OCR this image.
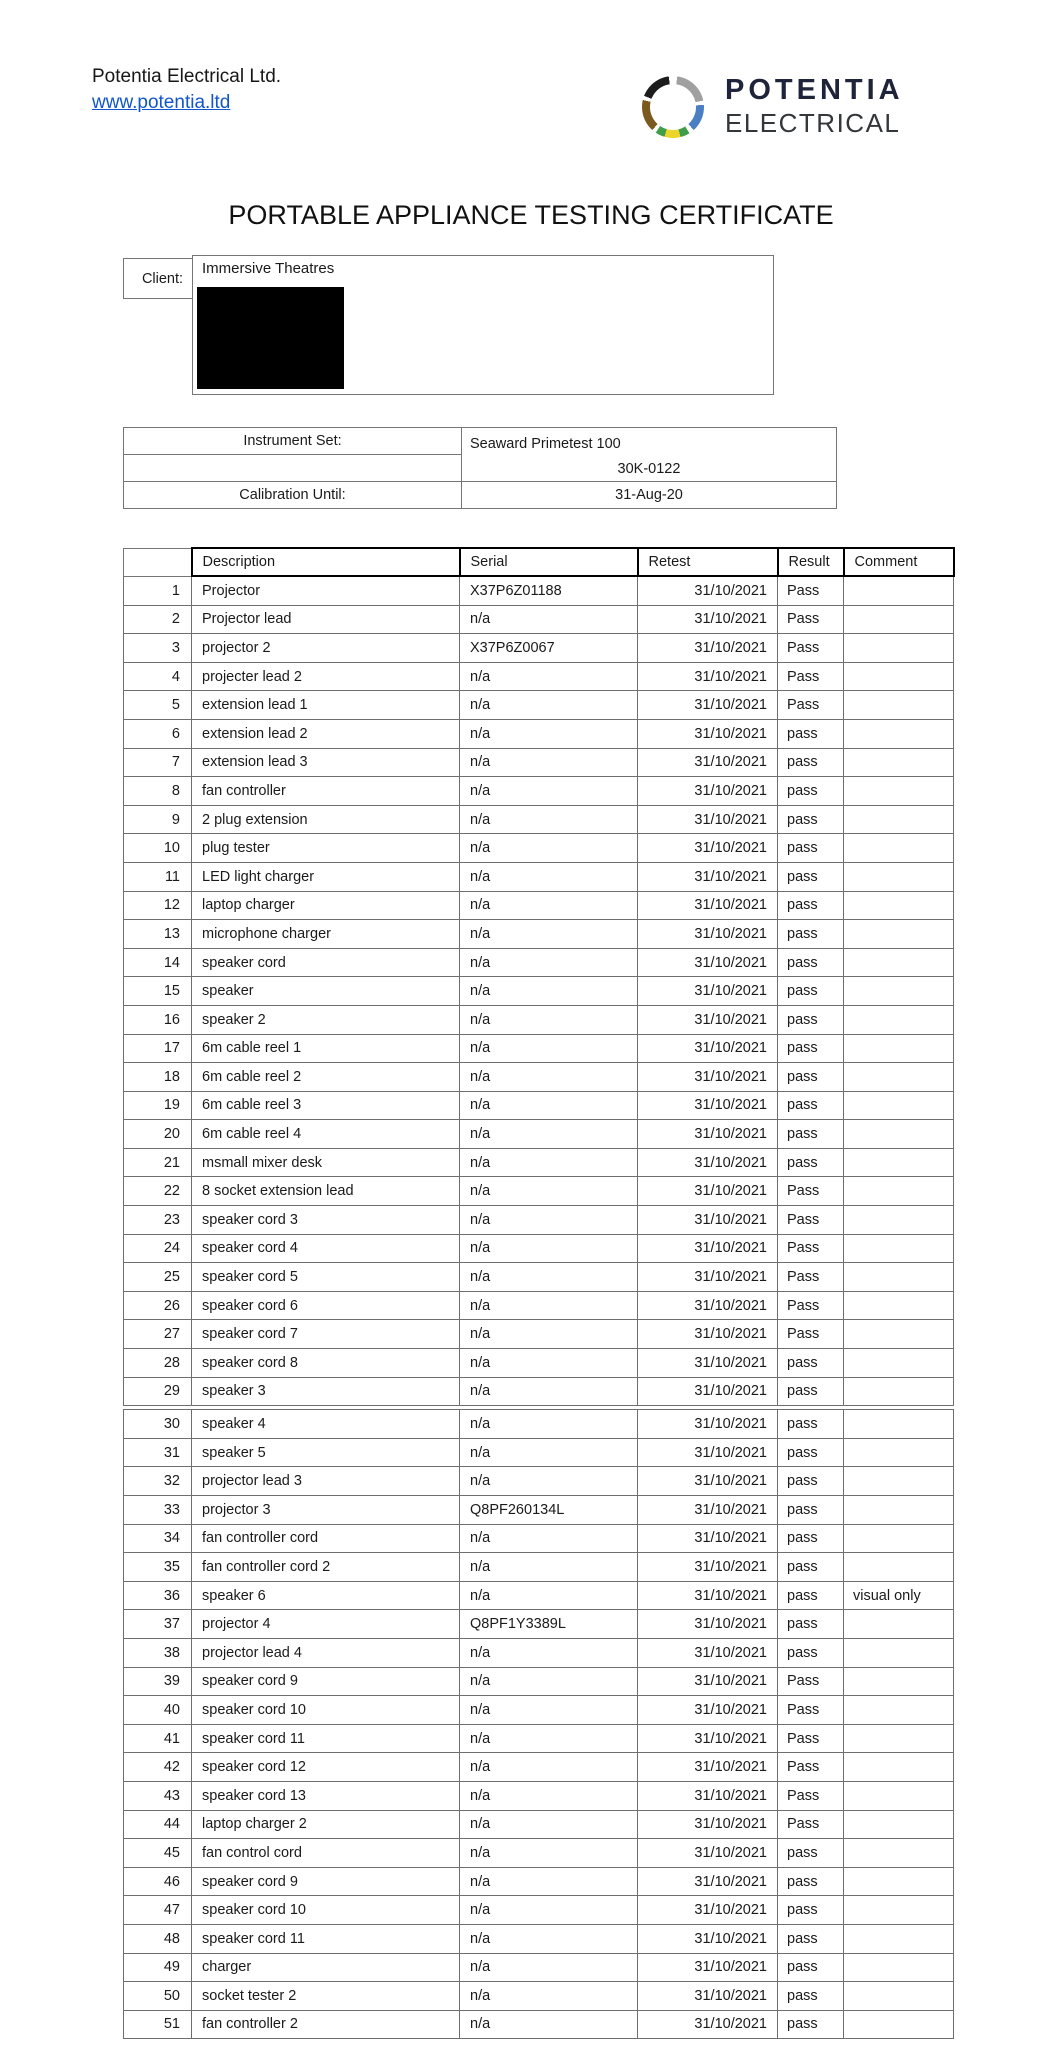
Potentia Electrical Ltd.
www.potentia.ltd	POTENTIA
ELECTRICAL
PORTABLE APPLIANCE TESTING CERTIFICATE
Client:
Immersive Theatres
Instrument Set:	Seaward Primetest 100
30K-0122

Calibration Until:	31-Aug-20
	Description	Serial	Retest	Result	Comment
1	Projector	X37P6Z01188	31/10/2021	Pass	
2	Projector lead	n/a	31/10/2021	Pass	
3	projector 2	X37P6Z0067	31/10/2021	Pass	
4	projecter lead 2	n/a	31/10/2021	Pass	
5	extension lead 1	n/a	31/10/2021	Pass	
6	extension lead 2	n/a	31/10/2021	pass	
7	extension lead 3	n/a	31/10/2021	pass	
8	fan controller	n/a	31/10/2021	pass	
9	2 plug extension	n/a	31/10/2021	pass	
10	plug tester	n/a	31/10/2021	pass	
11	LED light charger	n/a	31/10/2021	pass	
12	laptop charger	n/a	31/10/2021	pass	
13	microphone charger	n/a	31/10/2021	pass	
14	speaker cord	n/a	31/10/2021	pass	
15	speaker	n/a	31/10/2021	pass	
16	speaker 2	n/a	31/10/2021	pass	
17	6m cable reel 1	n/a	31/10/2021	pass	
18	6m cable reel 2	n/a	31/10/2021	pass	
19	6m cable reel 3	n/a	31/10/2021	pass	
20	6m cable reel 4	n/a	31/10/2021	pass	
21	msmall mixer desk	n/a	31/10/2021	pass	
22	8 socket extension lead	n/a	31/10/2021	Pass	
23	speaker cord 3	n/a	31/10/2021	Pass	
24	speaker cord 4	n/a	31/10/2021	Pass	
25	speaker cord 5	n/a	31/10/2021	Pass	
26	speaker cord 6	n/a	31/10/2021	Pass	
27	speaker cord 7	n/a	31/10/2021	Pass	
28	speaker cord 8	n/a	31/10/2021	pass	
29	speaker 3	n/a	31/10/2021	pass	

30	speaker 4	n/a	31/10/2021	pass	
31	speaker 5	n/a	31/10/2021	pass	
32	projector lead 3	n/a	31/10/2021	pass	
33	projector 3	Q8PF260134L	31/10/2021	pass	
34	fan controller cord	n/a	31/10/2021	pass	
35	fan controller cord 2	n/a	31/10/2021	pass	
36	speaker 6	n/a	31/10/2021	pass	visual only
37	projector 4	Q8PF1Y3389L	31/10/2021	pass	
38	projector lead 4	n/a	31/10/2021	pass	
39	speaker cord 9	n/a	31/10/2021	Pass	
40	speaker cord 10	n/a	31/10/2021	Pass	
41	speaker cord 11	n/a	31/10/2021	Pass	
42	speaker cord 12	n/a	31/10/2021	Pass	
43	speaker cord 13	n/a	31/10/2021	Pass	
44	laptop charger 2	n/a	31/10/2021	Pass	
45	fan control cord	n/a	31/10/2021	pass	
46	speaker cord 9	n/a	31/10/2021	pass	
47	speaker cord 10	n/a	31/10/2021	pass	
48	speaker cord 11	n/a	31/10/2021	pass	
49	charger	n/a	31/10/2021	pass	
50	socket tester 2	n/a	31/10/2021	pass	
51	fan controller 2	n/a	31/10/2021	pass	
